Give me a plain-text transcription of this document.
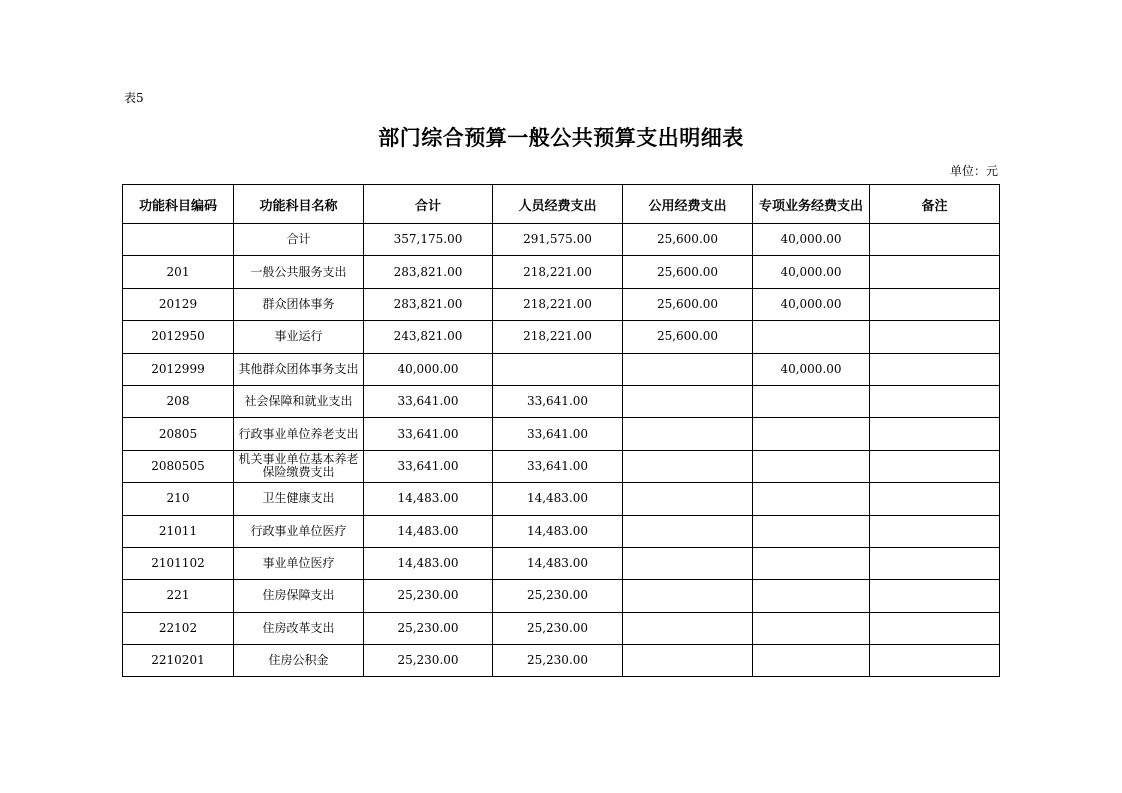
表5
部门综合预算一般公共预算支出明细表
单位：元
功能科目编码	功能科目名称	合计	人员经费支出	公用经费支出	专项业务经费支出	备注
	合计	357,175.00	291,575.00	25,600.00	40,000.00	
201	一般公共服务支出	283,821.00	218,221.00	25,600.00	40,000.00	
20129	群众团体事务	283,821.00	218,221.00	25,600.00	40,000.00	
2012950	事业运行	243,821.00	218,221.00	25,600.00		
2012999	其他群众团体事务支出	40,000.00			40,000.00	
208	社会保障和就业支出	33,641.00	33,641.00			
20805	行政事业单位养老支出	33,641.00	33,641.00			
2080505	机关事业单位基本养老保险缴费支出	33,641.00	33,641.00			
210	卫生健康支出	14,483.00	14,483.00			
21011	行政事业单位医疗	14,483.00	14,483.00			
2101102	事业单位医疗	14,483.00	14,483.00			
221	住房保障支出	25,230.00	25,230.00			
22102	住房改革支出	25,230.00	25,230.00			
2210201	住房公积金	25,230.00	25,230.00			
